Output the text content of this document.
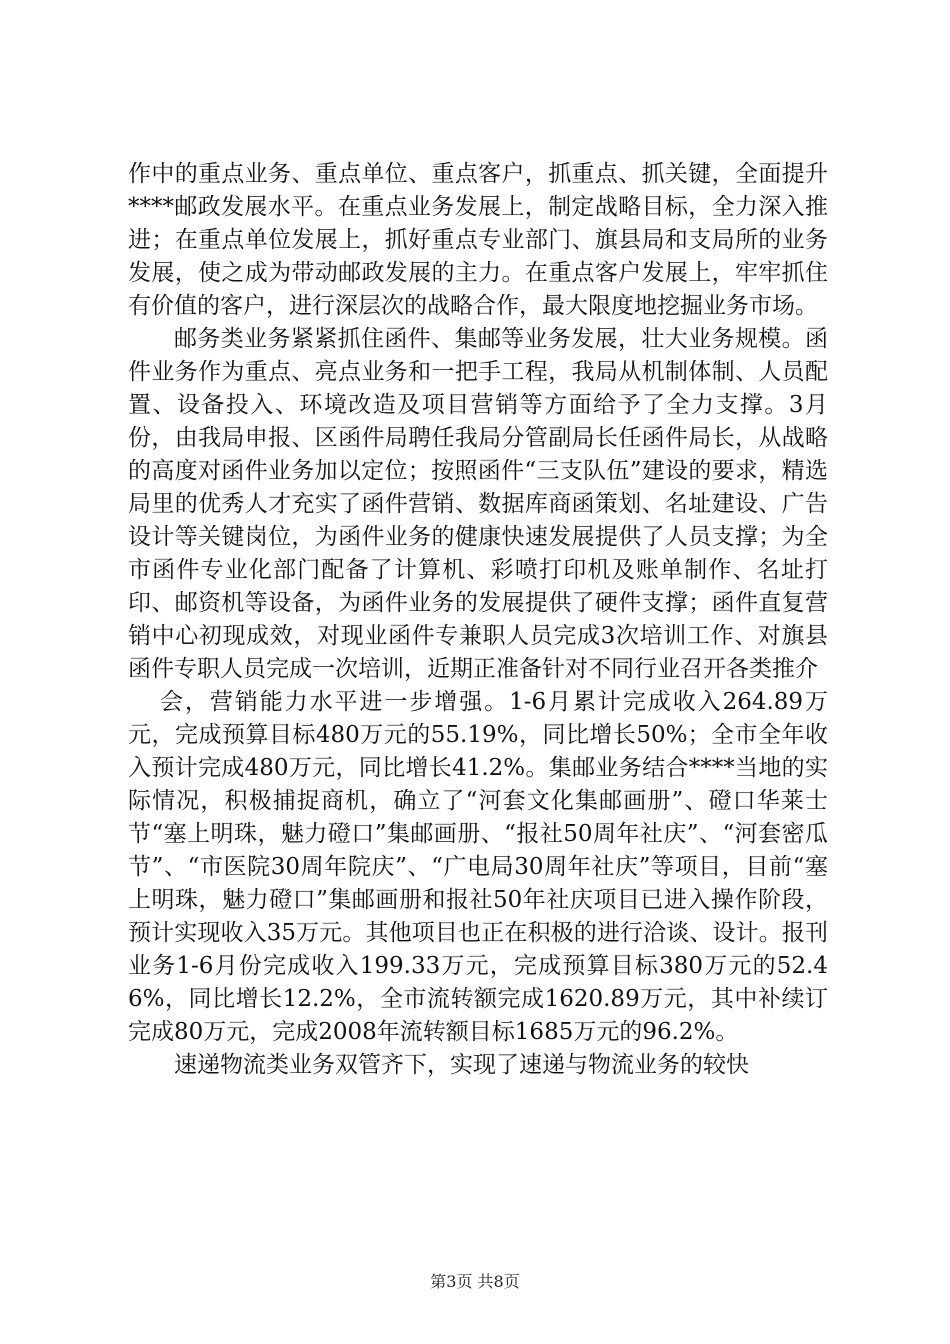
作中的重点业务、重点单位、重点客户，抓重点、抓关键，全面提升****邮政发展水平。在重点业务发展上，制定战略目标，全力深入推进；在重点单位发展上，抓好重点专业部门、旗县局和支局所的业务发展，使之成为带动邮政发展的主力。在重点客户发展上，牢牢抓住有价值的客户，进行深层次的战略合作，最大限度地挖掘业务市场。

邮务类业务紧紧抓住函件、集邮等业务发展，壮大业务规模。函件业务作为重点、亮点业务和一把手工程，我局从机制体制、人员配置、设备投入、环境改造及项目营销等方面给予了全力支撑。3月份，由我局申报、区函件局聘任我局分管副局长任函件局长，从战略的高度对函件业务加以定位；按照函件“三支队伍”建设的要求，精选局里的优秀人才充实了函件营销、数据库商函策划、名址建设、广告设计等关键岗位，为函件业务的健康快速发展提供了人员支撑；为全市函件专业化部门配备了计算机、彩喷打印机及账单制作、名址打印、邮资机等设备，为函件业务的发展提供了硬件支撑；函件直复营销中心初现成效，对现业函件专兼职人员完成3次培训工作、对旗县函件专职人员完成一次培训，近期正准备针对不同行业召开各类推介

会，营销能力水平进一步增强。1-6月累计完成收入264.89万元，完成预算目标480万元的55.19%，同比增长50%；全市全年收入预计完成480万元，同比增长41.2%。集邮业务结合****当地的实际情况，积极捕捉商机，确立了“河套文化集邮画册”、磴口华莱士节“塞上明珠，魅力磴口”集邮画册、“报社50周年社庆”、“河套密瓜节”、“市医院30周年院庆”、“广电局30周年社庆”等项目，目前“塞上明珠，魅力磴口”集邮画册和报社50年社庆项目已进入操作阶段，预计实现收入35万元。其他项目也正在积极的进行洽谈、设计。报刊业务1-6月份完成收入199.33万元，完成预算目标380万元的52.46%，同比增长12.2%，全市流转额完成1620.89万元，其中补续订完成80万元，完成2008年流转额目标1685万元的96.2%。

速递物流类业务双管齐下，实现了速递与物流业务的较快

第3页 共8页
